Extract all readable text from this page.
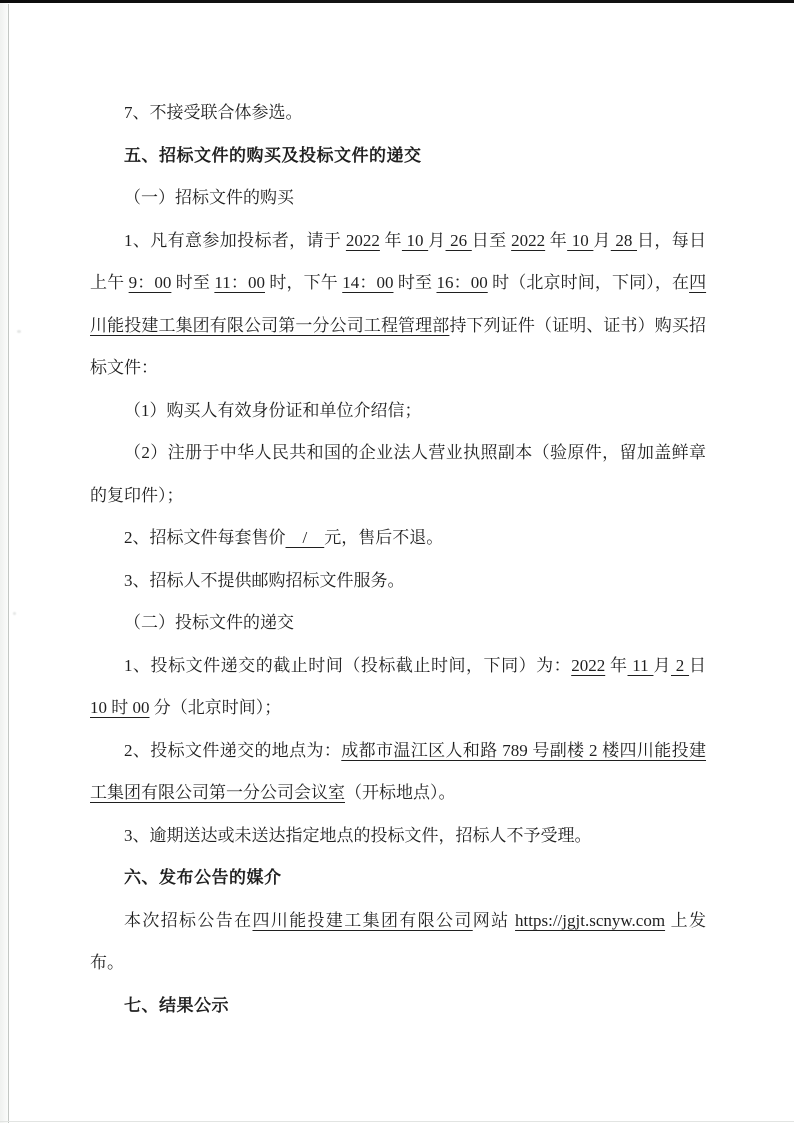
7、不接受联合体参选。

五、招标文件的购买及投标文件的递交

（一）招标文件的购买

1、凡有意参加投标者，请于 2022 年 10 月 26 日至 2022 年 10 月 28 日，每日上午 9：00 时至 11：00 时，下午 14：00 时至 16：00 时（北京时间，下同），在四川能投建工集团有限公司第一分公司工程管理部持下列证件（证明、证书）购买招标文件：

（1）购买人有效身份证和单位介绍信；

（2）注册于中华人民共和国的企业法人营业执照副本（验原件，留加盖鲜章的复印件）；

2、招标文件每套售价　/　元，售后不退。

3、招标人不提供邮购招标文件服务。

（二）投标文件的递交

1、投标文件递交的截止时间（投标截止时间，下同）为：2022 年 11 月 2 日 10 时 00 分（北京时间）；

2、投标文件递交的地点为：成都市温江区人和路 789 号副楼 2 楼四川能投建工集团有限公司第一分公司会议室（开标地点）。

3、逾期送达或未送达指定地点的投标文件，招标人不予受理。

六、发布公告的媒介

本次招标公告在四川能投建工集团有限公司网站 https://jgjt.scnyw.com 上发布。

七、结果公示
